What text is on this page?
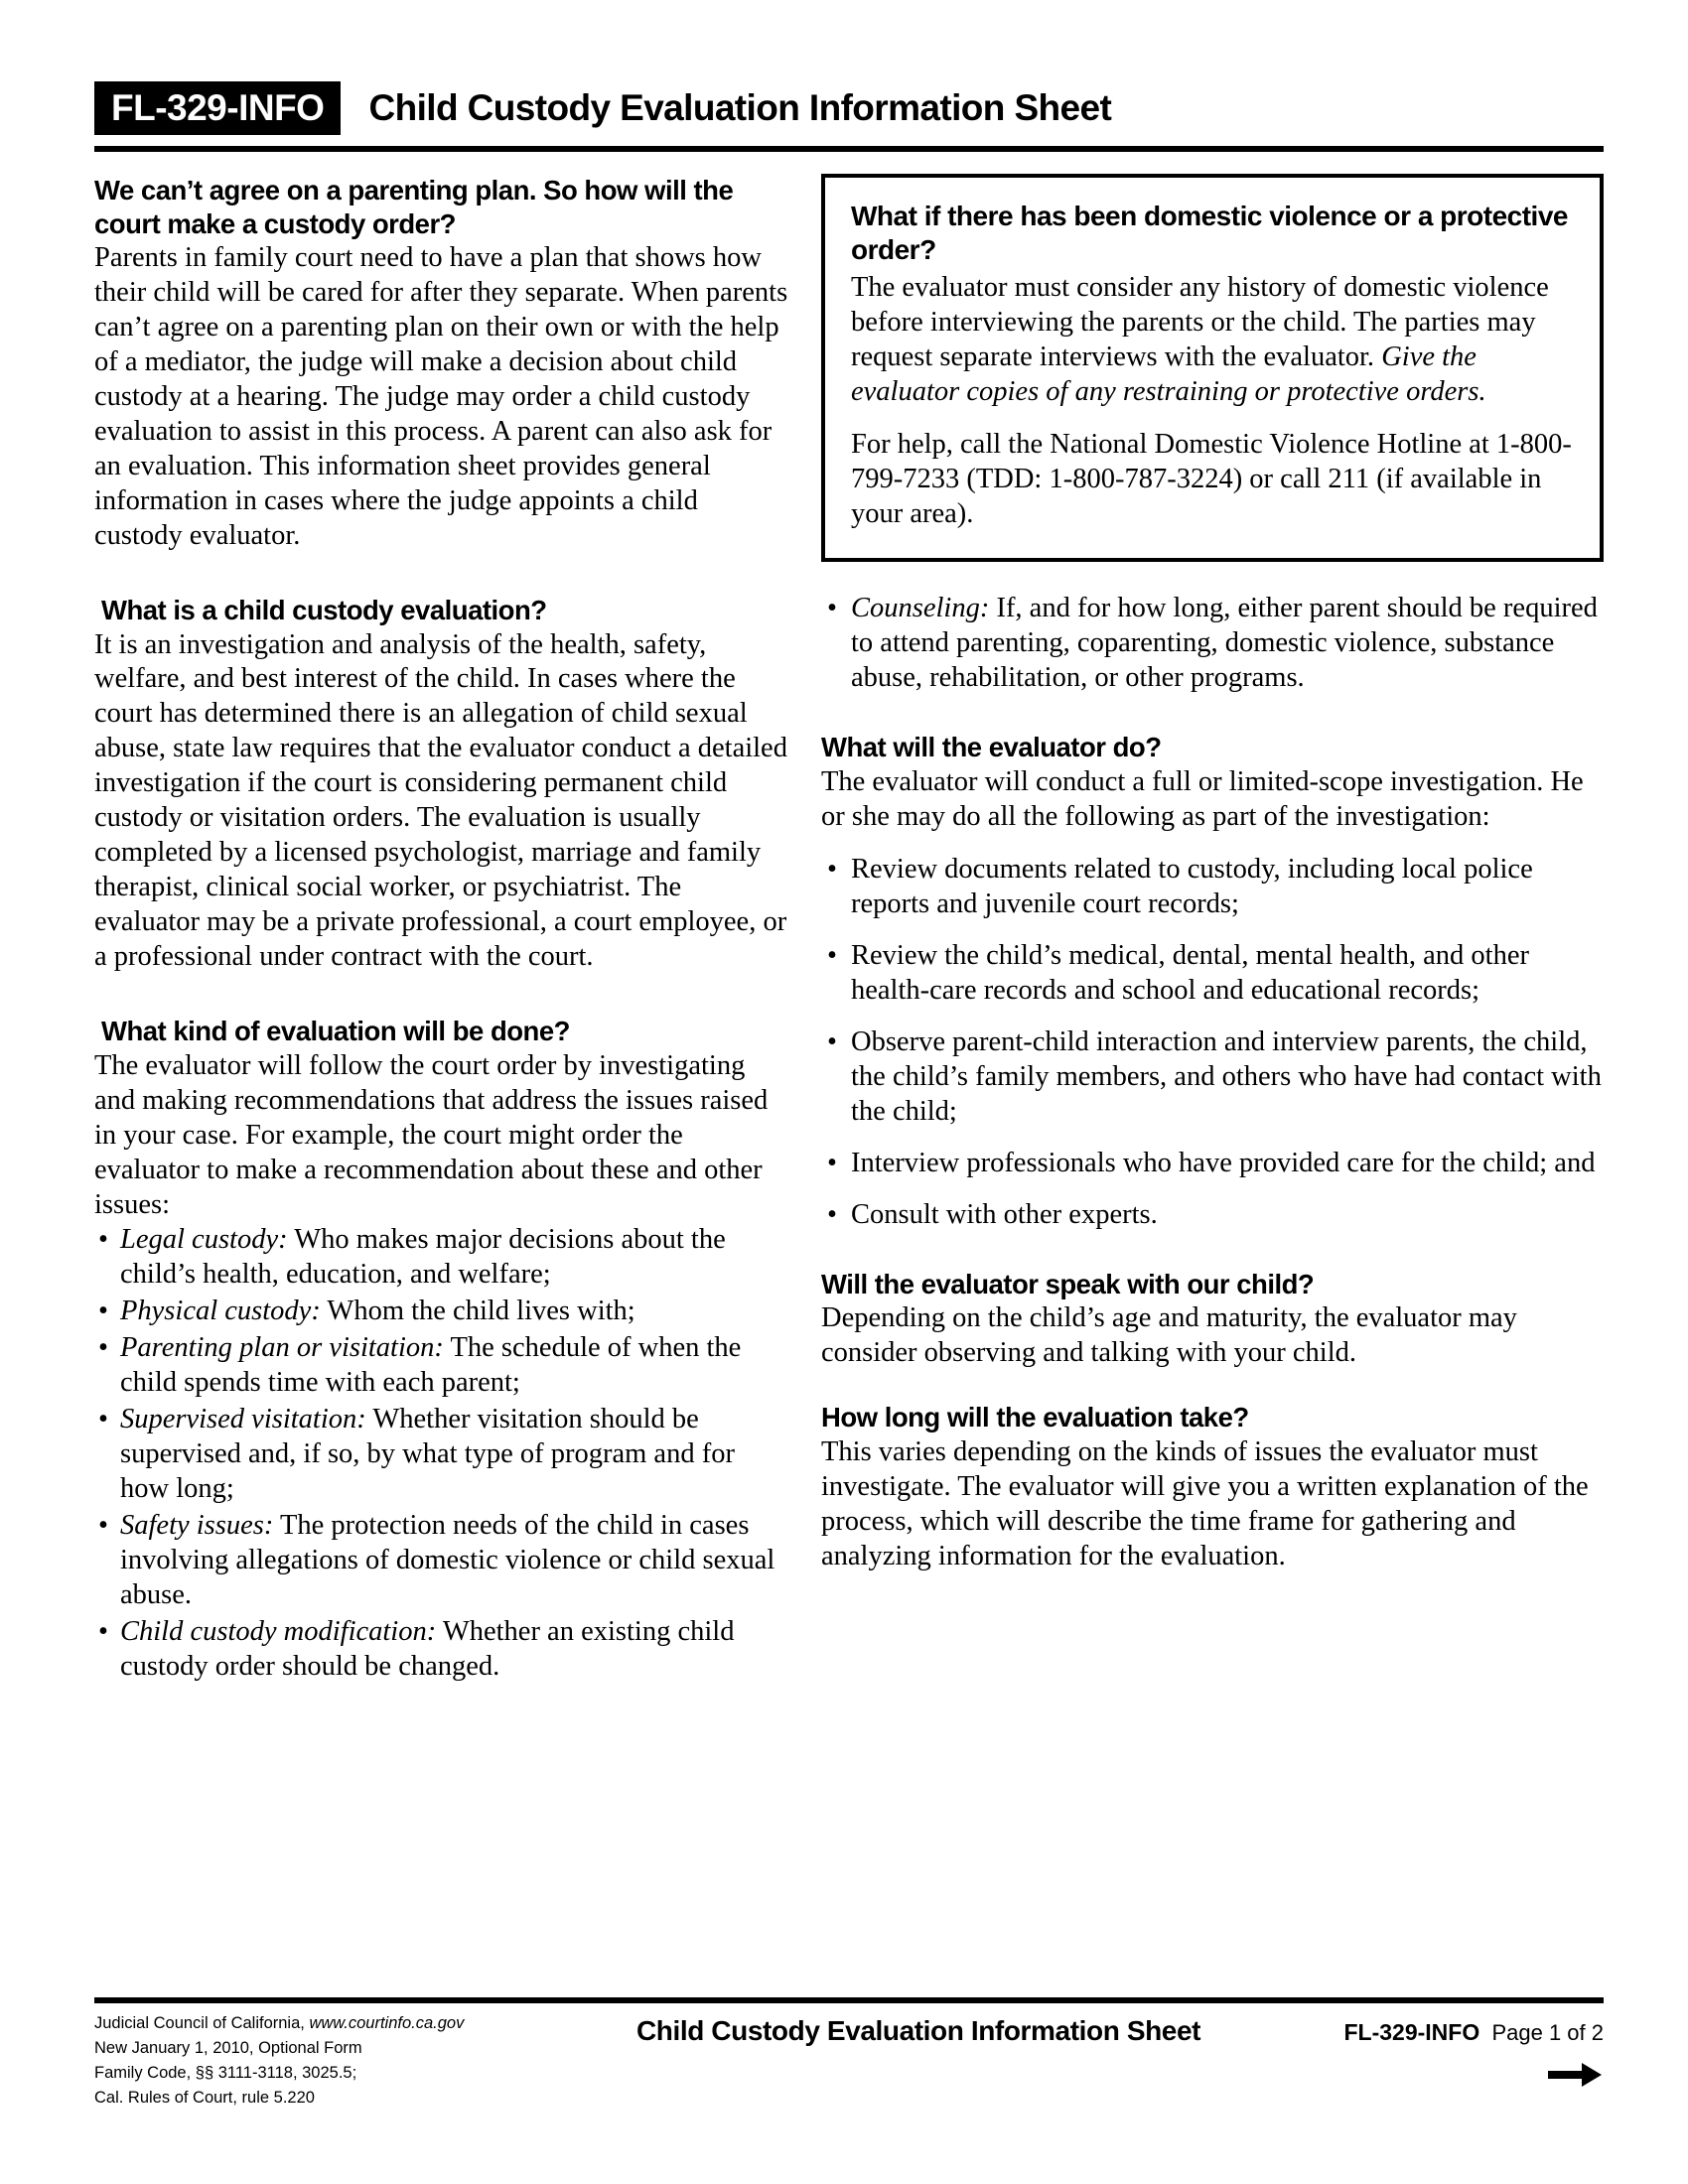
FL-329-INFO	Child Custody Evaluation Information Sheet
We can’t agree on a parenting plan. So how will the court make a custody order?

Parents in family court need to have a plan that shows how their child will be cared for after they separate. When parents can’t agree on a parenting plan on their own or with the help of a mediator, the judge will make a decision about child custody at a hearing. The judge may order a child custody evaluation to assist in this process. A parent can also ask for an evaluation. This information sheet provides general information in cases where the judge appoints a child custody evaluator.

What is a child custody evaluation?

It is an investigation and analysis of the health, safety, welfare, and best interest of the child. In cases where the court has determined there is an allegation of child sexual abuse, state law requires that the evaluator conduct a detailed investigation if the court is considering permanent child custody or visitation orders. The evaluation is usually completed by a licensed psychologist, marriage and family therapist, clinical social worker, or psychiatrist. The evaluator may be a private professional, a court employee, or a professional under contract with the court.

What kind of evaluation will be done?

The evaluator will follow the court order by investigating and making recommendations that address the issues raised in your case. For example, the court might order the evaluator to make a recommendation about these and other issues:

• Legal custody: Who makes major decisions about the child’s health, education, and welfare;
• Physical custody: Whom the child lives with;
• Parenting plan or visitation: The schedule of when the child spends time with each parent;
• Supervised visitation: Whether visitation should be supervised and, if so, by what type of program and for how long;
• Safety issues: The protection needs of the child in cases involving allegations of domestic violence or child sexual abuse.
• Child custody modification: Whether an existing child custody order should be changed.
What if there has been domestic violence or a protective order?

The evaluator must consider any history of domestic violence before interviewing the parents or the child. The parties may request separate interviews with the evaluator. Give the evaluator copies of any restraining or protective orders.

For help, call the National Domestic Violence Hotline at 1-800-799-7233 (TDD: 1-800-787-3224) or call 211 (if available in your area).

• Counseling: If, and for how long, either parent should be required to attend parenting, coparenting, domestic violence, substance abuse, rehabilitation, or other programs.
What will the evaluator do?

The evaluator will conduct a full or limited-scope investigation. He or she may do all the following as part of the investigation:

• Review documents related to custody, including local police reports and juvenile court records;
• Review the child’s medical, dental, mental health, and other health-care records and school and educational records;
• Observe parent-child interaction and interview parents, the child, the child’s family members, and others who have had contact with the child;
• Interview professionals who have provided care for the child; and
• Consult with other experts.
Will the evaluator speak with our child?

Depending on the child’s age and maturity, the evaluator may consider observing and talking with your child.

How long will the evaluation take?

This varies depending on the kinds of issues the evaluator must investigate. The evaluator will give you a written explanation of the process, which will describe the time frame for gathering and analyzing information for the evaluation.

Judicial Council of California, www.courtinfo.ca.gov
New January 1, 2010, Optional Form
Family Code, §§ 3111-3118, 3025.5;
Cal. Rules of Court, rule 5.220
Child Custody Evaluation Information Sheet	FL-329-INFO Page 1 of 2
